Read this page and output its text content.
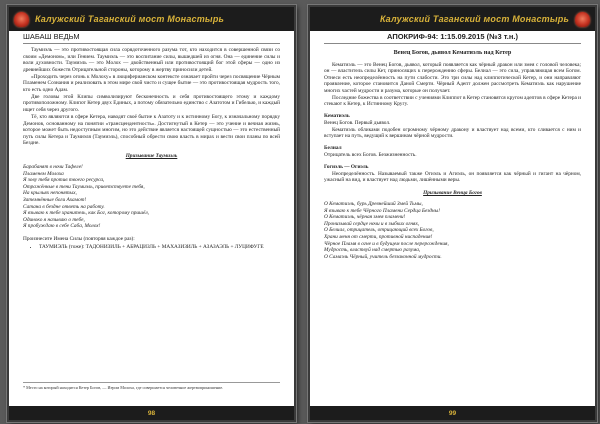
Калужский Таганский мост Монастырь
ШАБАШ ВЕДЬМ

Таумиэль — это противостоящая сила сорядоточенного разума тот, кто находится в совершенной связи со своим «Демоном», или Гением. Таумиэль — это воспитание силы, вышедшей из огня. Она — единение силы и воли духовности. Таумиэль — это Молох — двойственный или противостоящий бог этой сферы — одно из древнейших божеств Отрицательной стороны, которому в жертву приносили детей.

«Проходить через огонь к Молоху» в люциферианском контексте означает пройти через посвящение Чёрным Пламенем Сознания и реализовать в этом мире свой чисто и сущее бытие — это противостоящая мудрость того, кто есть одно Адам.

Две головы этой Клипы символизируют бесконечность и себя противостоящего этому и каждому противоположному. Клипот Кетер двух Единых, а потому обязательно единство с Азатотом и Гибелью, и каждый ищет себя через другого.

Тё, кто являются в сфере Кетера, наводят своё бытие к Азатоту и к истинному Богу, к изначальному порядку Демонов, основанному на понятии «трансцендентность». Достигнутый в Кетер — это учение и вечная жизнь, которое может быть недоступным многим, но это действие является настоящей сущностью — это естественный путь силы Кетера и Таумиэля (Таумиэль), способный обрести свою власть в мирах и вести свои планы по всей Бездне.

Призывание Таумиэль

Барабанят в ночи Тафеле!

Пламенем Молоха

Я зову тебя против твоего ресурса,

Отражённые в тени Таумиэль, приветствуете тебя,

На крыльях непонятых,

Затемнённые боги Ахамот!

Сатана в бездне ответь на работу.

Я взываю к тебе хранитель, как Бог, которому пришёл,

Одиноко я называю о тебе,

Я пробуждаю в себе Саба, Молох!

Произнесите Имена Силы (повторяя каждое раз):

• ТАУМИЭЛЬ (тоже): ТАДОНИЗИЛЬ + АБРАЦИЗЛЬ + МАХАЗИЗИЛЬ + АЗАЗАЭЛЬ + ЛУЦИФУГЕ
* Место на который находится Кетер Богов, — Иером Молоха, где совершается человечное жертвоприношение.
98
Калужский Таганский мост Монастырь
АПОКРИФ-94: 1:15.09.2015 (№3 т.н.)

Венец Богов, дьявол Кематиэль над Кетер

Кематиэль — это Венец Богов, дьявол, который появляется как чёрный дракон или змея с головой человека; он — властитель силы Кет, приносящих к перерождению сферы. Белиал — это сила, управляющая всем Богом. Отнеси есть неопределённость на пути слабости. Это три силы над клиппотической Кетер, и они направляют проявление, которое становится Даной Смерти. Чёрный Адепт должен рассмотреть Кематиэль как нарушение многих частей мудрости и разума, которые он получает.

Последние божества в соответствии с учениями Клиппот в Кетер становятся кругом адептов в сфере Кетера и стекают к Кетер, к Истинному Кругу.

Кематиэль

Венец Богов. Первый дьявол.

Кематиэль обликами подобен огромному чёрному дракону и властвует над всеми, кто сливается с ним и вступает на путь, ведущий к вершинам чёрной мудрости.

Белиал

Отрицатель всех Богов. Безжизненность.

Гогиэль — Огиэль

Неопределённость. Называемый также Огиэль и Агиэль, он появляется как чёрный и гигант на чёрном, ужасный на вид, и властвует над людьми, лишёнными веры.

Призывание Венца Богов

О Кематиэль, бурь Древнейший Змей Тьмы,

Я взываю к тебе Чёрного Пламени Сердца Бездны!

О Кематиэль, чёрная змея пламени!

Пронизывай сердце ночи и в зыбких огнях,

О Белиал, отрицатель, отрицающий всех Богов,

Храни меня от смерти, противной ниспадения!

Чёрное Пламя в огне и в будущем после перерождения,

Мудрость, властвуй над смертью разума,

О Самаэль Чёрный, учитель беззаконной мудрости.

99
